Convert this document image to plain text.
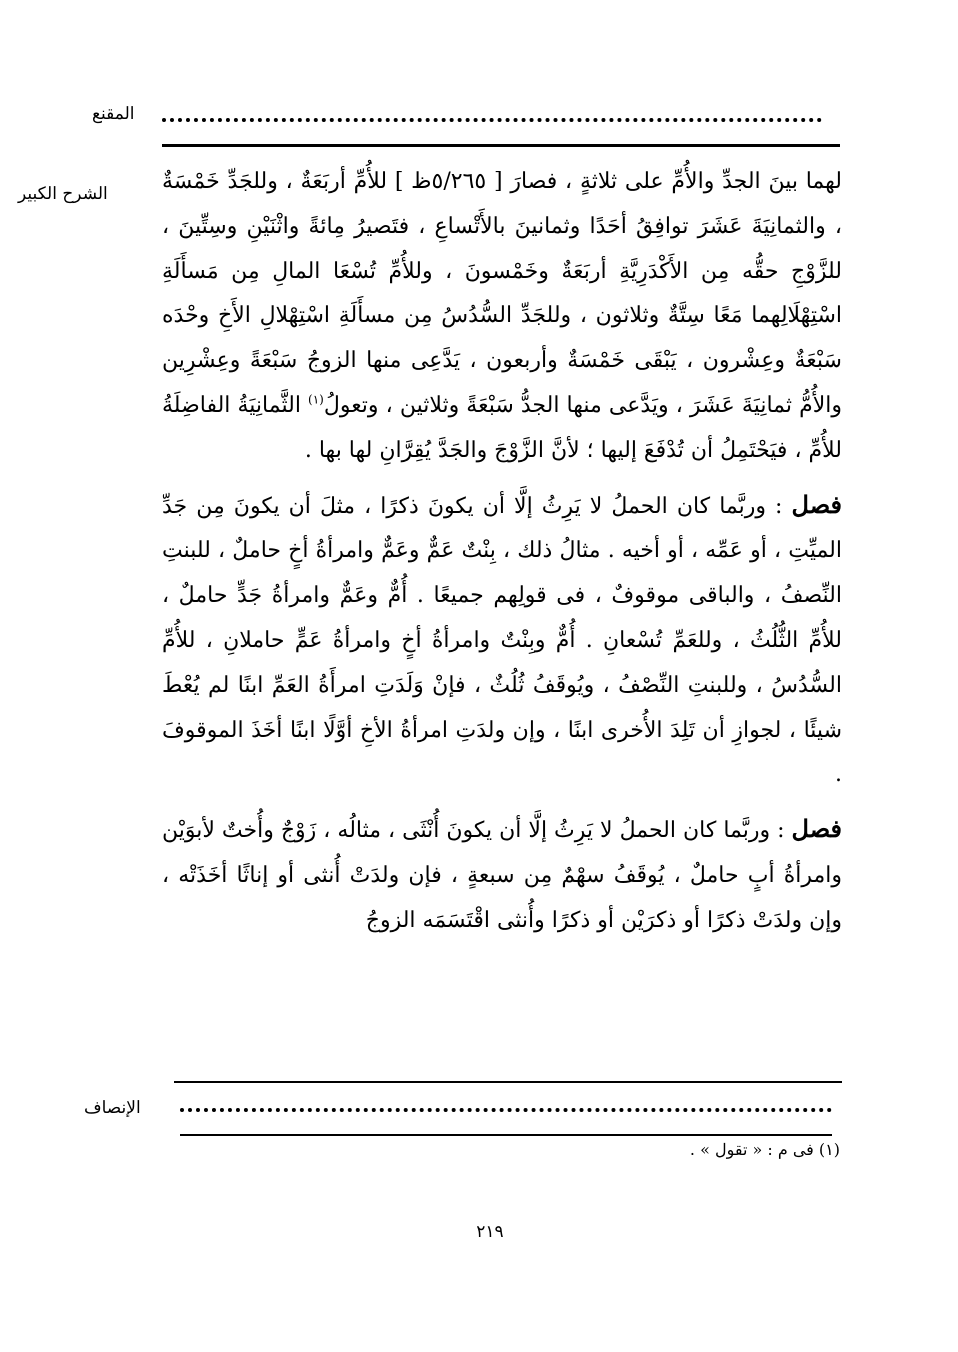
المقنع
الشرح الكبير لهما بينَ الجدِّ والأُمِّ على ثلاثةٍ ، فصارَ [ ٥/٢٦٥ظ ] للأُمِّ أربَعَةٌ ، وللجَدِّ خَمْسَةٌ ، والثمانِيَةَ عَشَرَ توافِقُ أحَدًا وثمانينَ بالأَتْساعِ ، فتَصيرُ مِائةً واثْنَيْنِ وسِتِّينَ ، للزَّوْجِ حقُّه مِن الأَكْدَرِيَّةِ أربَعَةٌ وخَمْسونَ ، وللأُمِّ تُسْعَا المالِ مِن مَسأَلَةِ اسْتِهْلَالِهما مَعًا سِتَّةٌ وثلاثون ، وللجَدِّ السُّدُسُ مِن مسأَلَةِ اسْتِهْلالِ الأَخِ وحْدَه سَبْعَةٌ وعِشْرون ، يَبْقَى خَمْسَةٌ وأربعون ، يَدَّعِى منها الزوجُ سَبْعَةً وعِشْرِين والأُمُّ ثمانِيَةَ عَشَرَ ، ويَدَّعى منها الجدُّ سَبْعَةً وثلاثين ، وتعولُ$^{(١)}$ الثَّمانِيَةُ الفاضِلَةُ للأُمِّ ، فيَحْتَمِلُ أن تُدْفَعَ إليها ؛ لأنَّ الزَّوْجَ والجَدَّ يُقِرَّانِ لها بها .

فصل : وربَّما كان الحملُ لا يَرِثُ إلَّا أن يكونَ ذكرًا ، مثلَ أن يكونَ مِن جَدِّ الميِّتِ ، أو عَمِّه ، أو أخيه . مثالُ ذلك ، بِنْتٌ عَمٌّ وعَمٌّ وامرأةُ أخٍ حاملٌ ، للبنتِ النِّصفُ ، والباقى موقوفٌ ، فى قولِهم جميعًا . أُمٌّ وعَمٌّ وامرأةُ جَدٍّ حاملٌ ، للأُمِّ الثُّلُثُ ، وللعَمِّ تُسْعانِ . أُمٌّ وبِنْتٌ وامرأةُ أخٍ وامرأةُ عَمٍّ حاملانِ ، للأُمِّ السُّدُسُ ، وللبنتِ النِّصْفُ ، ويُوقَفُ ثُلُثٌ ، فإنْ وَلَدَتِ امرأَةُ العَمِّ ابنًا لم يُعْطَ شيئًا ، لجوازِ أن تَلِدَ الأُخرى ابنًا ، وإن ولدَتِ امرأةُ الأخِ أوَّلًا ابنًا أخَذَ الموقوفَ .

فصل : وربَّما كان الحملُ لا يَرِثُ إلَّا أن يكونَ أُنْثَى ، مثالُه ، زَوْجٌ وأُختٌ لأبوَيْن وامرأةُ أبٍ حاملٌ ، يُوقَفُ سهْمٌ مِن سبعةٍ ، فإن ولدَتْ أُنثى أو إناثًا أخَذَتْه ، وإن ولدَتْ ذكرًا أو ذكرَيْن أو ذكرًا وأُنثى اقْتَسَمَه الزوجُ

الإنصاف
(١) فى م : « تقول » .
٢١٩
